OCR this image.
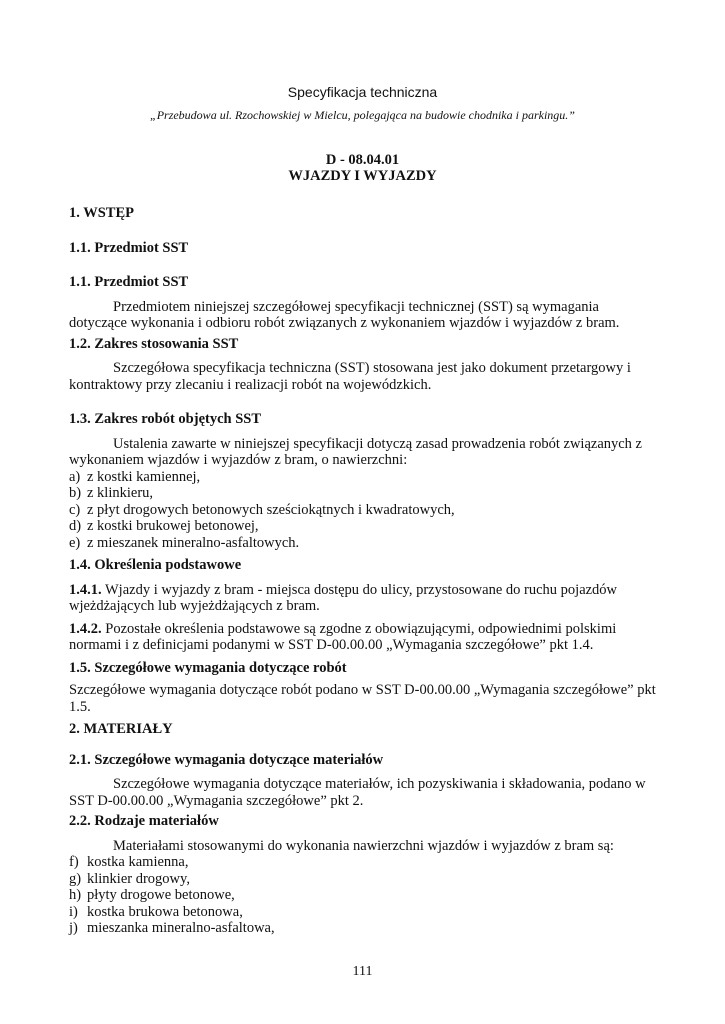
Specyfikacja techniczna
„Przebudowa ul. Rzochowskiej w Mielcu, polegająca na budowie chodnika i parkingu.”
D - 08.04.01
WJAZDY I WYJAZDY
1. WSTĘP
1.1. Przedmiot SST
1.1. Przedmiot SST

Przedmiotem niniejszej szczegółowej specyfikacji technicznej (SST) są wymagania dotyczące wykonania i odbioru robót związanych z wykonaniem wjazdów i wyjazdów z bram.

1.2. Zakres stosowania SST

Szczegółowa specyfikacja techniczna (SST) stosowana jest jako dokument przetargowy i kontraktowy przy zlecaniu i realizacji robót na wojewódzkich.

1.3. Zakres robót objętych SST

Ustalenia zawarte w niniejszej specyfikacji dotyczą zasad prowadzenia robót związanych z wykonaniem wjazdów i wyjazdów z bram, o nawierzchni:

a) z kostki kamiennej,
b) z klinkieru,
c) z płyt drogowych betonowych sześciokątnych i kwadratowych,
d) z kostki brukowej betonowej,
e) z mieszanek mineralno-asfaltowych.
1.4. Określenia podstawowe

1.4.1. Wjazdy i wyjazdy z bram - miejsca dostępu do ulicy, przystosowane do ruchu pojazdów wjeżdżających lub wyjeżdżających z bram.

1.4.2. Pozostałe określenia podstawowe są zgodne z obowiązującymi, odpowiednimi polskimi normami i z definicjami podanymi w SST D-00.00.00 „Wymagania szczegółowe” pkt 1.4.

1.5. Szczegółowe wymagania dotyczące robót

Szczegółowe wymagania dotyczące robót podano w SST D-00.00.00 „Wymagania szczegółowe” pkt 1.5.

2. MATERIAŁY
2.1. Szczegółowe wymagania dotyczące materiałów

Szczegółowe wymagania dotyczące materiałów, ich pozyskiwania i składowania, podano w SST D-00.00.00 „Wymagania szczegółowe” pkt 2.

2.2. Rodzaje materiałów

Materiałami stosowanymi do wykonania nawierzchni wjazdów i wyjazdów z bram są:

f) kostka kamienna,
g) klinkier drogowy,
h) płyty drogowe betonowe,
i) kostka brukowa betonowa,
j) mieszanka mineralno-asfaltowa,
111
